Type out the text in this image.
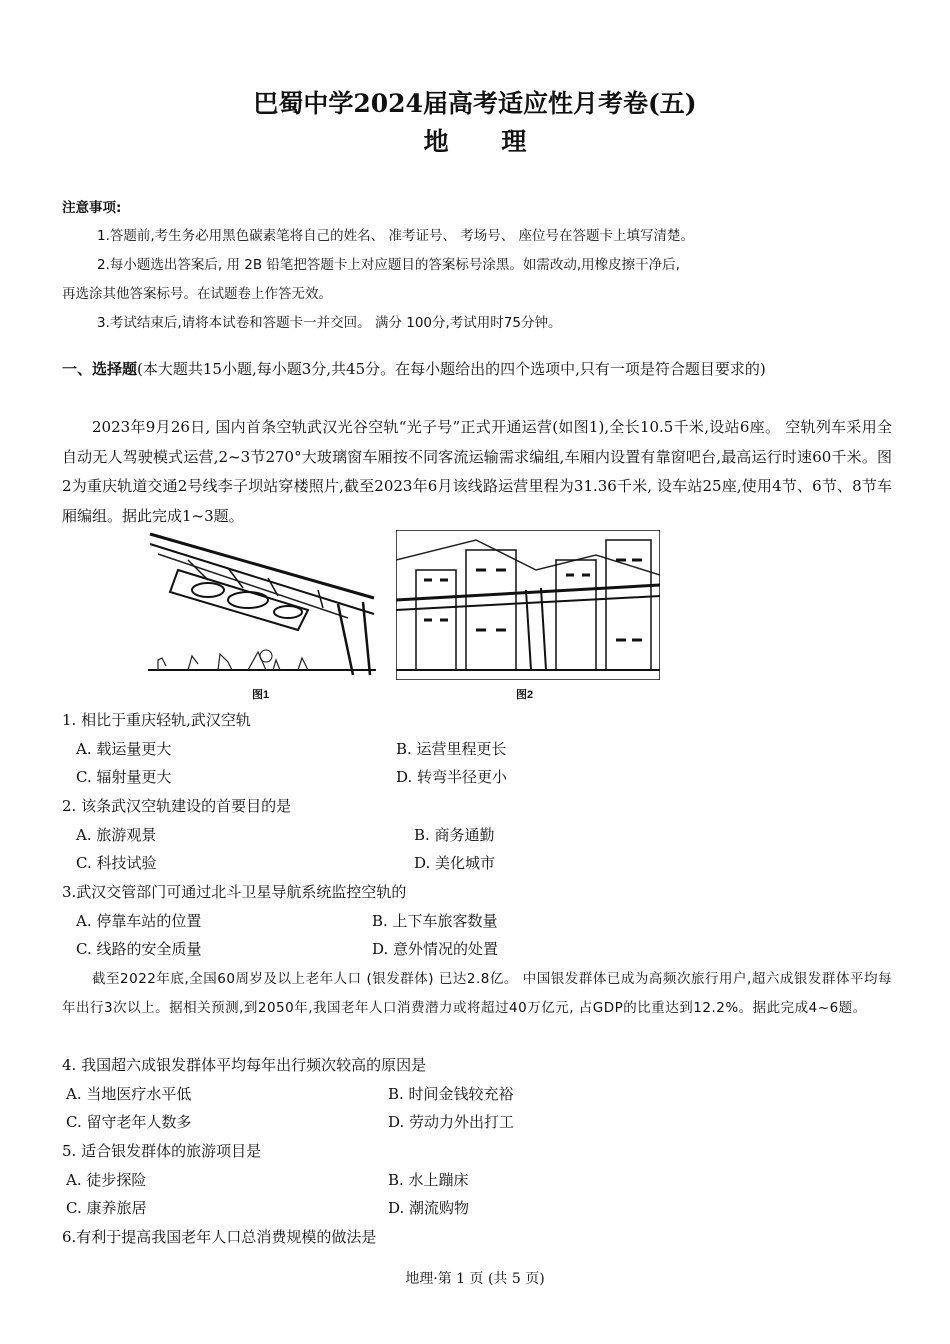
巴蜀中学2024届高考适应性月考卷(五)
地 理
注意事项:
1.答题前,考生务必用黑色碳素笔将自己的姓名、 准考证号、 考场号、 座位号在答题卡上填写清楚。
2.每小题选出答案后, 用 2B 铅笔把答题卡上对应题目的答案标号涂黑。如需改动,用橡皮擦干净后,
再选涂其他答案标号。在试题卷上作答无效。
3.考试结束后,请将本试卷和答题卡一并交回。 满分 100分,考试用时75分钟。
一、选择题(本大题共15小题,每小题3分,共45分。在每小题给出的四个选项中,只有一项是符合题目要求的)
2023年9月26日, 国内首条空轨武汉光谷空轨“光子号”正式开通运营(如图1),全长10.5千米,设站6座。 空轨列车采用全自动无人驾驶模式运营,2~3节270°大玻璃窗车厢按不同客流运输需求编组,车厢内设置有靠窗吧台,最高运行时速60千米。图2为重庆轨道交通2号线李子坝站穿楼照片,截至2023年6月该线路运营里程为31.36千米, 设车站25座,使用4节、6节、8节车厢编组。据此完成1~3题。
图1	图2
1. 相比于重庆轻轨,武汉空轨
A. 载运量更大	B. 运营里程更长
C. 辐射量更大	D. 转弯半径更小
2. 该条武汉空轨建设的首要目的是
A. 旅游观景	B. 商务通勤
C. 科技试验	D. 美化城市
3.武汉交管部门可通过北斗卫星导航系统监控空轨的
A. 停靠车站的位置	B. 上下车旅客数量
C. 线路的安全质量	D. 意外情况的处置
截至2022年底,全国60周岁及以上老年人口 (银发群体) 已达2.8亿。 中国银发群体已成为高频次旅行用户,超六成银发群体平均每年出行3次以上。据相关预测,到2050年,我国老年人口消费潜力或将超过40万亿元, 占GDP的比重达到12.2%。据此完成4~6题。
4. 我国超六成银发群体平均每年出行频次较高的原因是
A. 当地医疗水平低	B. 时间金钱较充裕
C. 留守老年人数多	D. 劳动力外出打工
5. 适合银发群体的旅游项目是
A. 徒步探险	B. 水上蹦床
C. 康养旅居	D. 潮流购物
6.有利于提高我国老年人口总消费规模的做法是
地理·第 1 页 (共 5 页)
